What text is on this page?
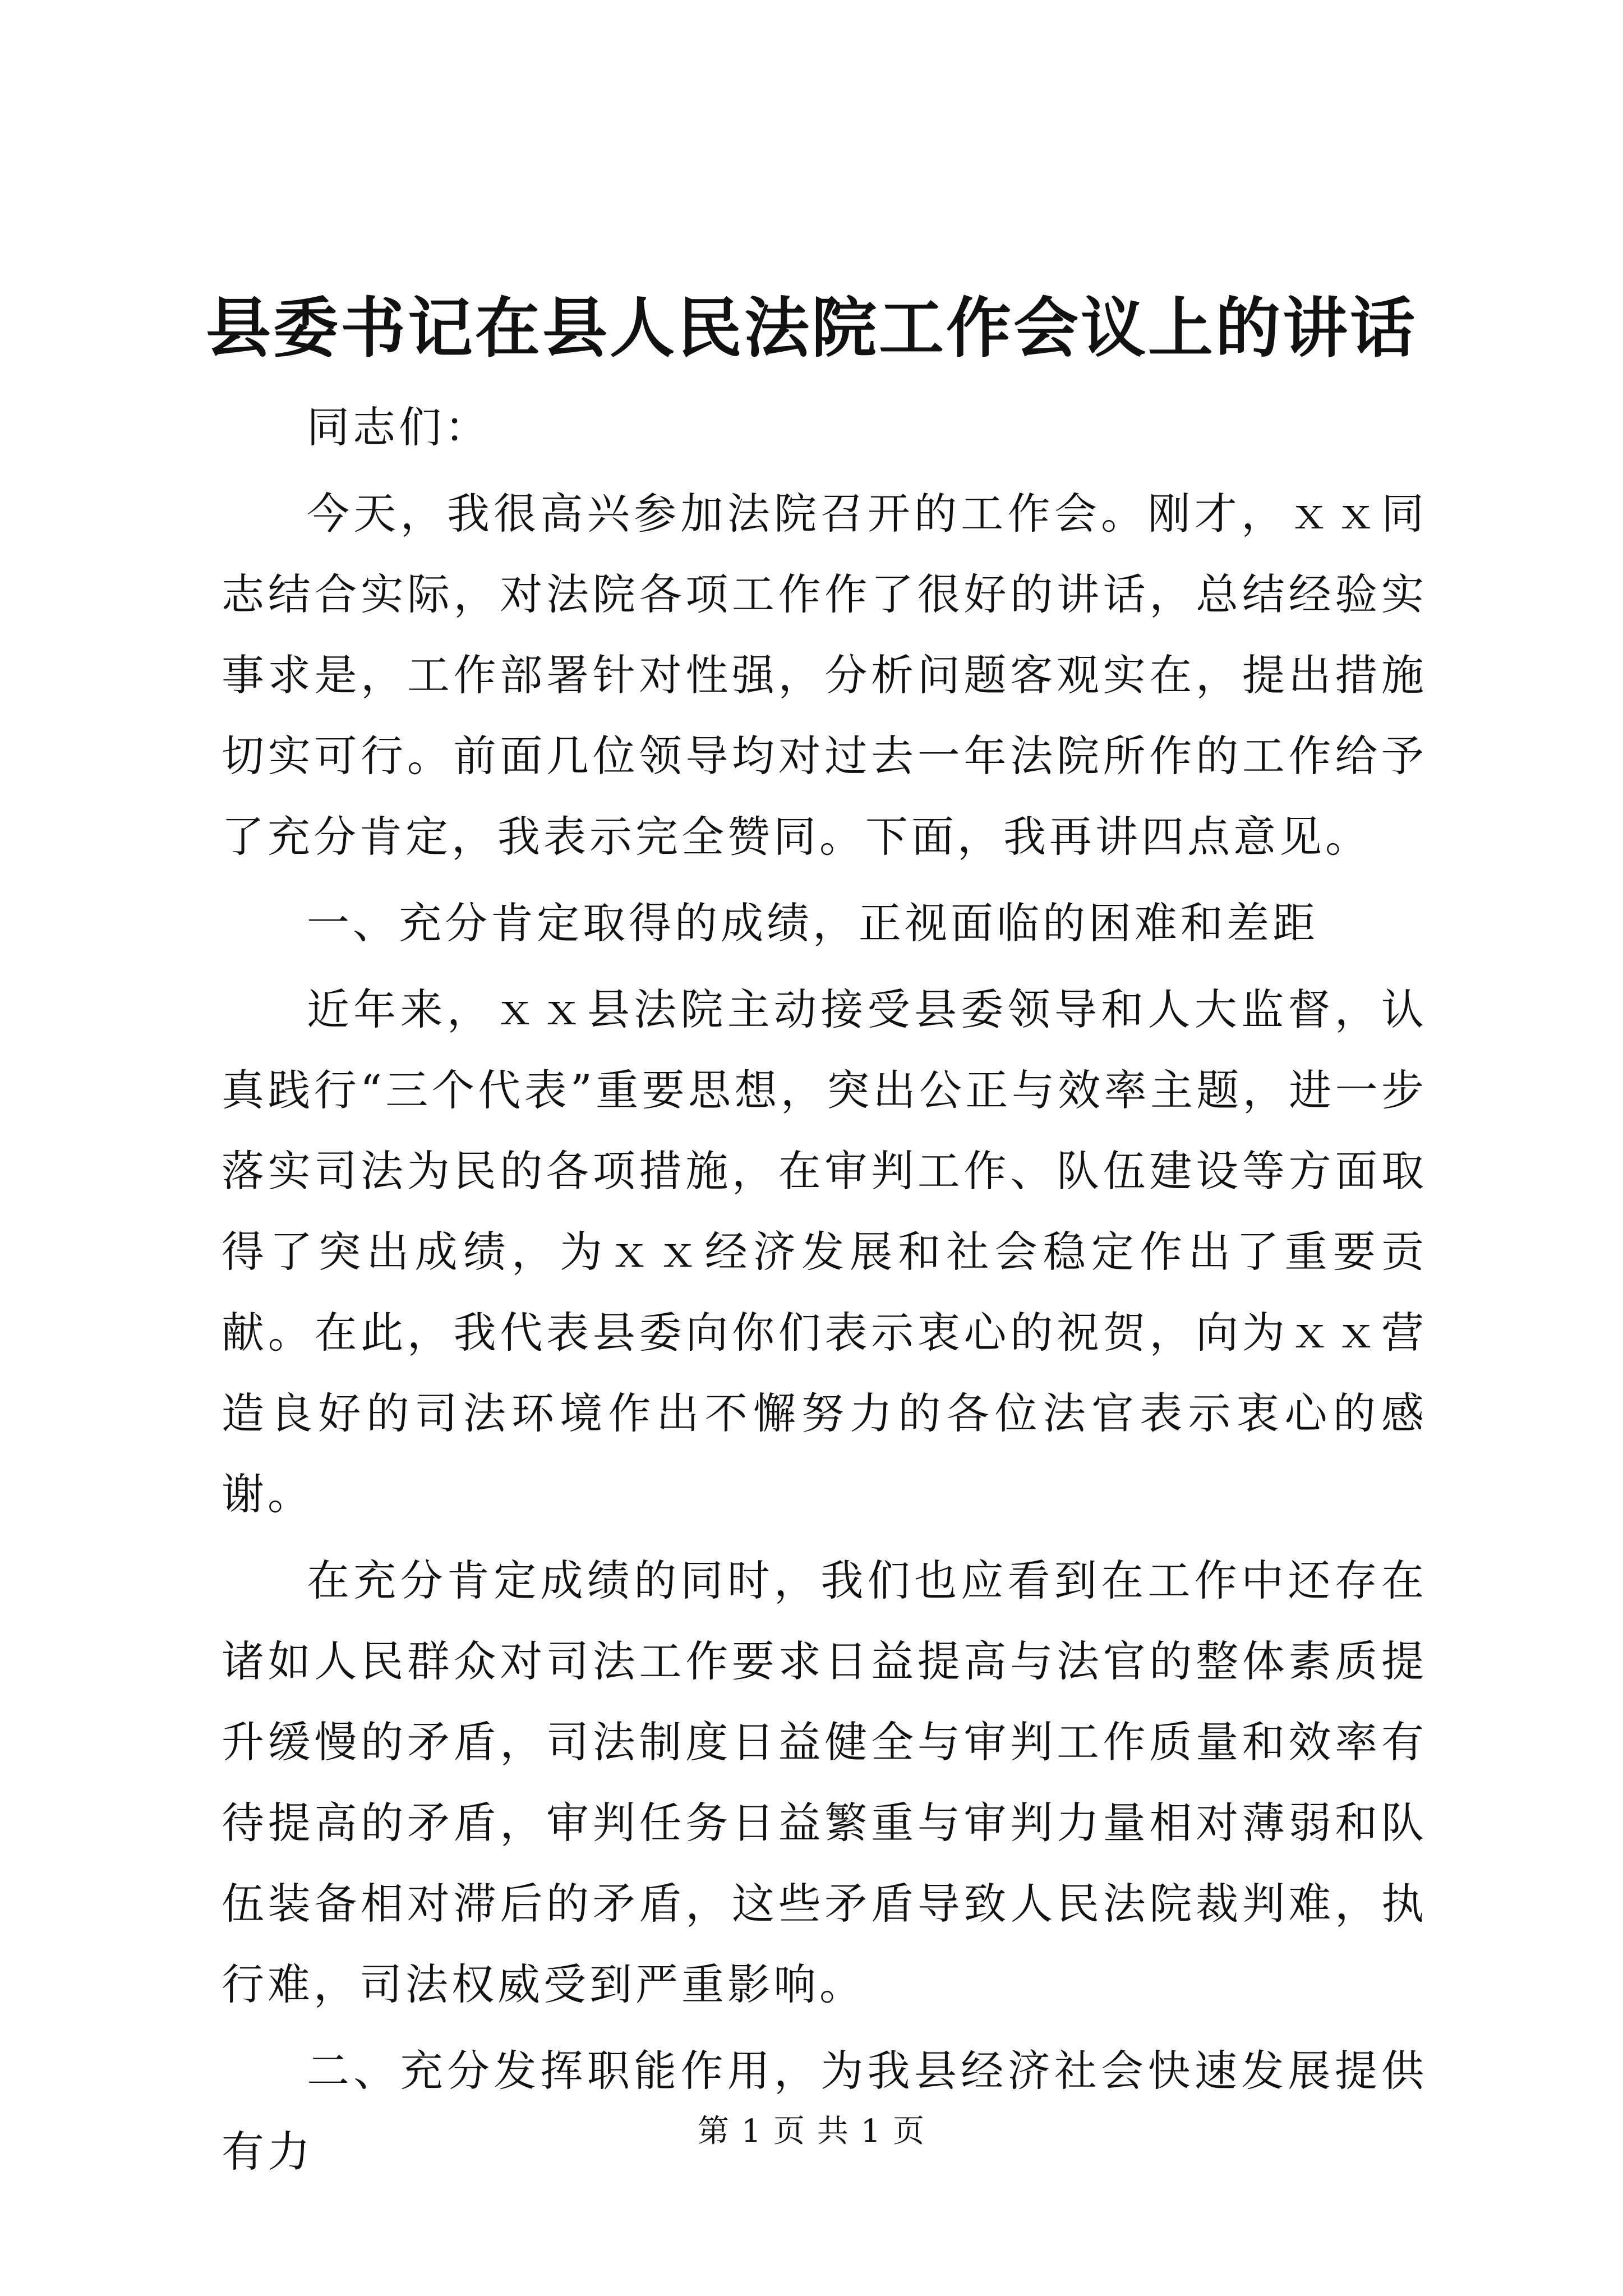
县委书记在县人民法院工作会议上的讲话

同志们：

今天，我很高兴参加法院召开的工作会。刚才，ｘｘ同志结合实际，对法院各项工作作了很好的讲话，总结经验实事求是，工作部署针对性强，分析问题客观实在，提出措施切实可行。前面几位领导均对过去一年法院所作的工作给予了充分肯定，我表示完全赞同。下面，我再讲四点意见。

一、充分肯定取得的成绩，正视面临的困难和差距

近年来，ｘｘ县法院主动接受县委领导和人大监督，认真践行“三个代表”重要思想，突出公正与效率主题，进一步落实司法为民的各项措施，在审判工作、队伍建设等方面取得了突出成绩，为ｘｘ经济发展和社会稳定作出了重要贡献。在此，我代表县委向你们表示衷心的祝贺，向为ｘｘ营造良好的司法环境作出不懈努力的各位法官表示衷心的感谢。

在充分肯定成绩的同时，我们也应看到在工作中还存在诸如人民群众对司法工作要求日益提高与法官的整体素质提升缓慢的矛盾，司法制度日益健全与审判工作质量和效率有待提高的矛盾，审判任务日益繁重与审判力量相对薄弱和队伍装备相对滞后的矛盾，这些矛盾导致人民法院裁判难，执行难，司法权威受到严重影响。

二、充分发挥职能作用，为我县经济社会快速发展提供有力	第 1 页 共 1 页
